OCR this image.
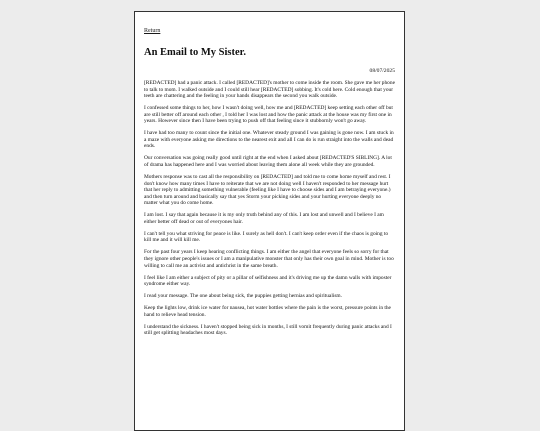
Return
An Email to My Sister.
08/07/2025

[REDACTED] had a panic attack. I called [REDACTED]'s mother to come inside the room. She gave me her phone to talk to mom. I walked outside and I could still hear [REDACTED] sobbing. It's cold here. Cold enough that your teeth are chattering and the feeling in your hands disappears the second you walk outside.

I confessed some things to her, how I wasn't doing well, how me and [REDACTED] keep setting each other off but are still better off around each other , I told her I was lost and how the panic attack at the house was my first one in years. However since then I have been trying to push off that feeling since it stubbornly won't go away.

I have had too many to count since the initial one. Whatever steady ground I was gaining is gone now. I am stuck in a maze with everyone asking me directions to the nearest exit and all I can do is run straight into the walls and dead ends.

Our conversation was going really good until right at the end when I asked about [REDACTED'S SIBLING]. A lot of drama has happened here and I was worried about leaving them alone all week while they are grounded.

Mothers response was to cast all the responsibility on [REDACTED] and told me to come home myself and rest. I don't know how many times I have to reiterate that we are not doing well I haven't responded to her message hurt that her reply to admitting something vulnerable (feeling like I have to choose sides and I am betraying everyone.) and then turn around and basically say that yes Storm your picking sides and your hurting everyone deeply no matter what you do come home.

I am lost. I say that again because it is my only truth behind any of this. I am lost and unwell and I believe I am either better off dead or out of everyones hair.

I can't tell you what striving for peace is like. I surely as hell don't. I can't keep order even if the chaos is going to kill me and it will kill me.

For the past four years I keep hearing conflicting things. I am either the angel that everyone feels so sorry for that they ignore other people's issues or I am a manipulative monster that only has their own goal in mind. Mother is too willing to call me an activist and antichrist in the same breath.

I feel like I am either a subject of pity or a pillar of selfishness and it's driving me up the damn walls with imposter syndrome either way.

I read your message. The one about being sick, the puppies getting hernias and spiritualism.

Keep the lights low, drink ice water for nausea, hot water bottles where the pain is the worst, pressure points in the hand to relieve head tension.

I understand the sickness. I haven't stopped being sick in months, I still vomit frequently during panic attacks and I still get splitting headaches most days.
